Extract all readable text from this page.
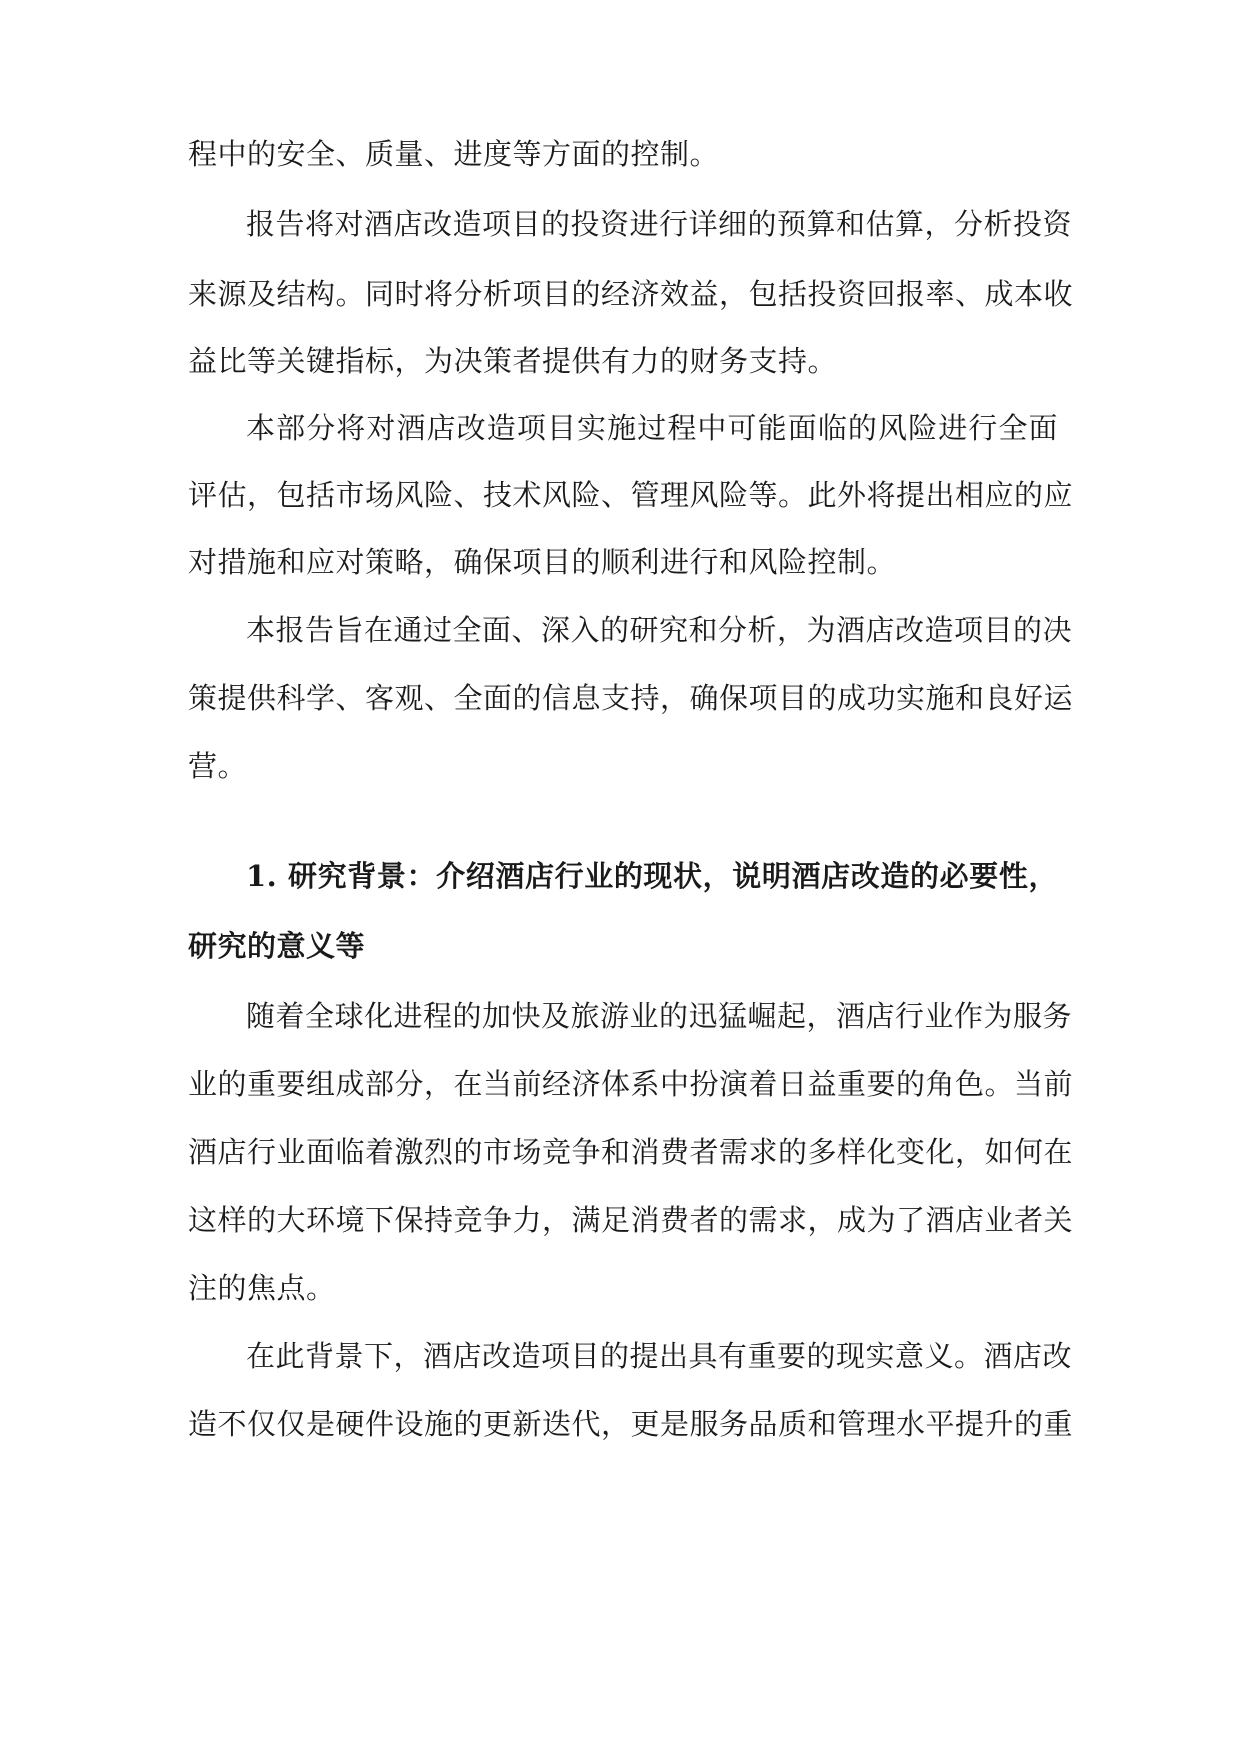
程中的安全、质量、进度等方面的控制。
报告将对酒店改造项目的投资进行详细的预算和估算，分析投资
来源及结构。同时将分析项目的经济效益，包括投资回报率、成本收
益比等关键指标，为决策者提供有力的财务支持。
本部分将对酒店改造项目实施过程中可能面临的风险进行全面
评估，包括市场风险、技术风险、管理风险等。此外将提出相应的应
对措施和应对策略，确保项目的顺利进行和风险控制。
本报告旨在通过全面、深入的研究和分析，为酒店改造项目的决
策提供科学、客观、全面的信息支持，确保项目的成功实施和良好运
营。
1. 研究背景：介绍酒店行业的现状，说明酒店改造的必要性，
研究的意义等
随着全球化进程的加快及旅游业的迅猛崛起，酒店行业作为服务
业的重要组成部分，在当前经济体系中扮演着日益重要的角色。当前
酒店行业面临着激烈的市场竞争和消费者需求的多样化变化，如何在
这样的大环境下保持竞争力，满足消费者的需求，成为了酒店业者关
注的焦点。
在此背景下，酒店改造项目的提出具有重要的现实意义。酒店改
造不仅仅是硬件设施的更新迭代，更是服务品质和管理水平提升的重
